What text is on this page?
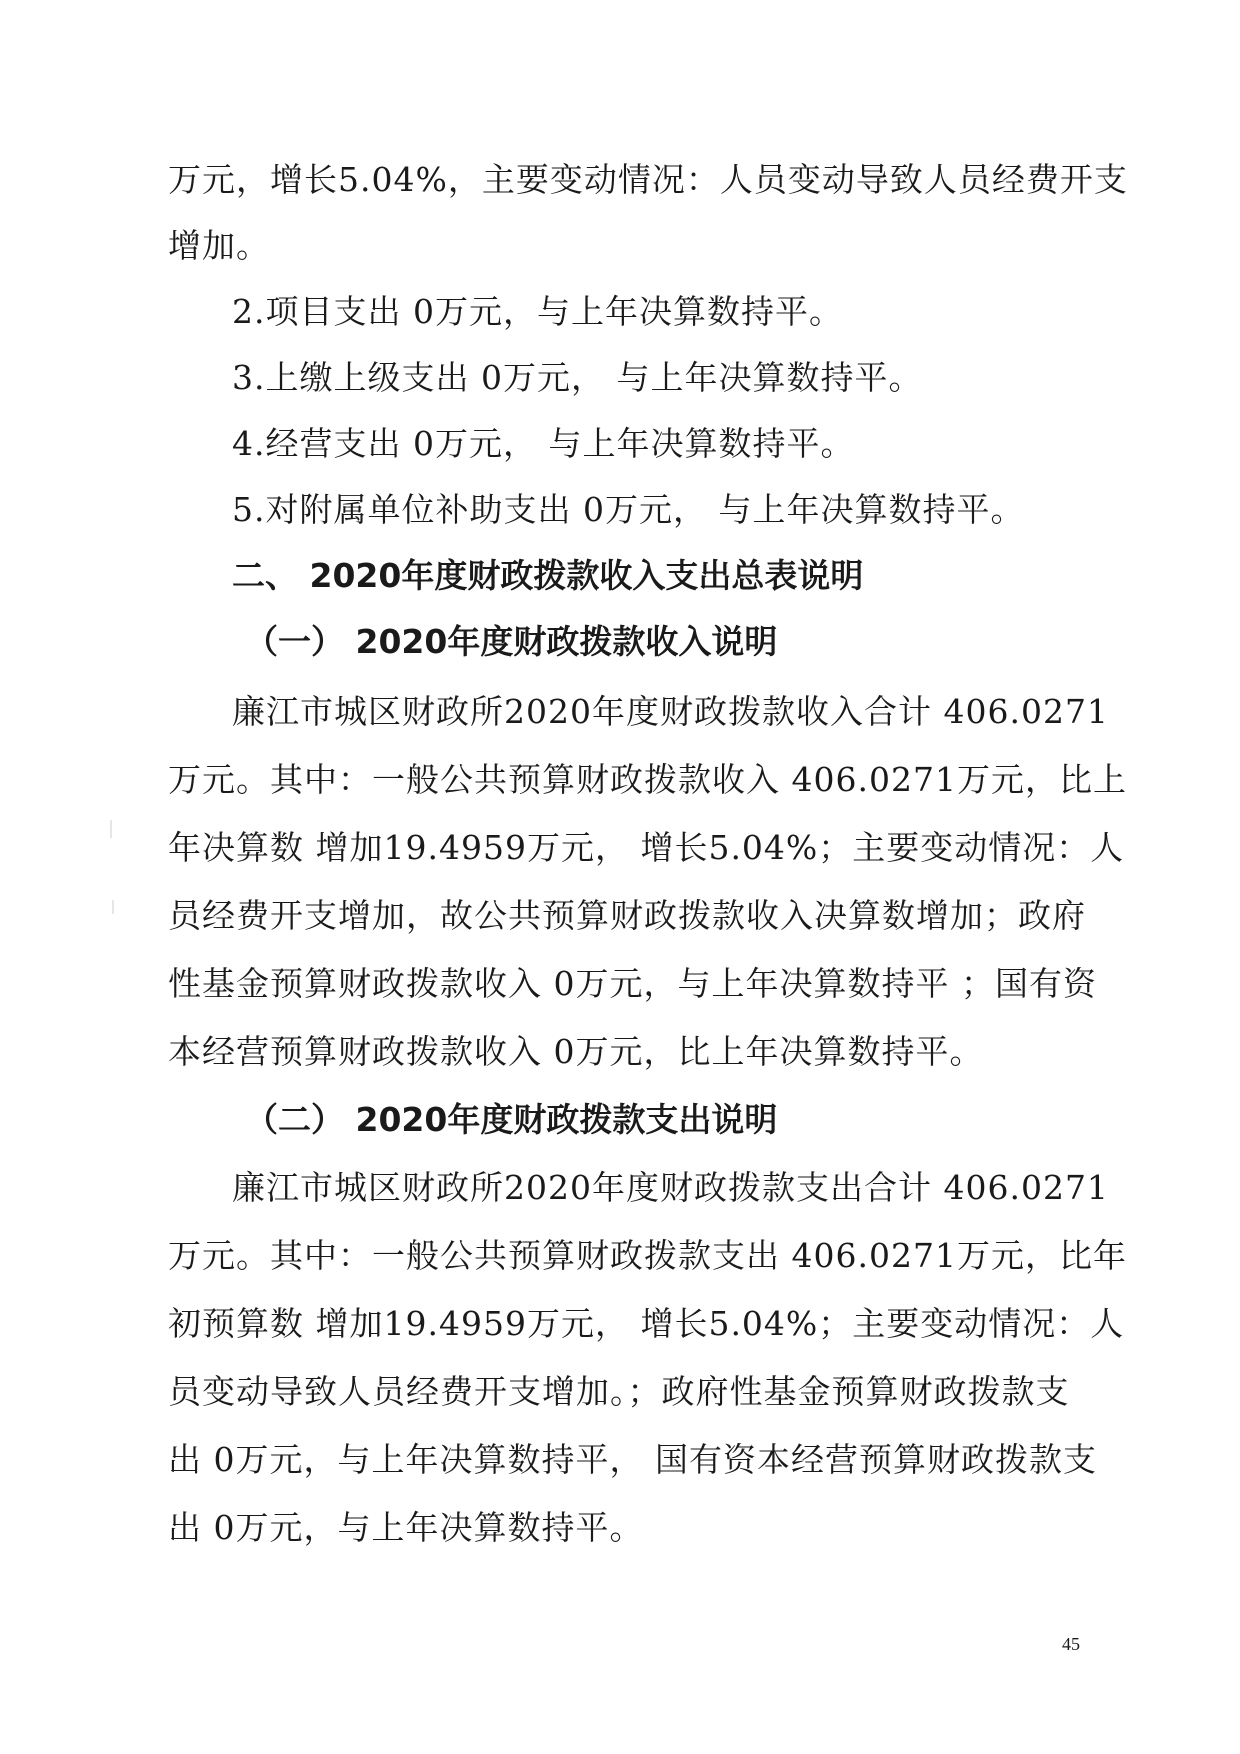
万元，增长5.04%，主要变动情况：人员变动导致人员经费开支
增加。
2.项目支出 0万元，与上年决算数持平。
3.上缴上级支出 0万元， 与上年决算数持平。
4.经营支出 0万元， 与上年决算数持平。
5.对附属单位补助支出 0万元， 与上年决算数持平。
二、 2020年度财政拨款收入支出总表说明
（一） 2020年度财政拨款收入说明
廉江市城区财政所2020年度财政拨款收入合计 406.0271
万元。其中：一般公共预算财政拨款收入 406.0271万元，比上
年决算数 增加19.4959万元， 增长5.04%；主要变动情况：人
员经费开支增加，故公共预算财政拨款收入决算数增加；政府
性基金预算财政拨款收入 0万元，与上年决算数持平 ；国有资
本经营预算财政拨款收入 0万元，比上年决算数持平。
（二） 2020年度财政拨款支出说明
廉江市城区财政所2020年度财政拨款支出合计 406.0271
万元。其中：一般公共预算财政拨款支出 406.0271万元，比年
初预算数 增加19.4959万元， 增长5.04%；主要变动情况：人
员变动导致人员经费开支增加。；政府性基金预算财政拨款支
出 0万元，与上年决算数持平， 国有资本经营预算财政拨款支
出 0万元，与上年决算数持平。
45
